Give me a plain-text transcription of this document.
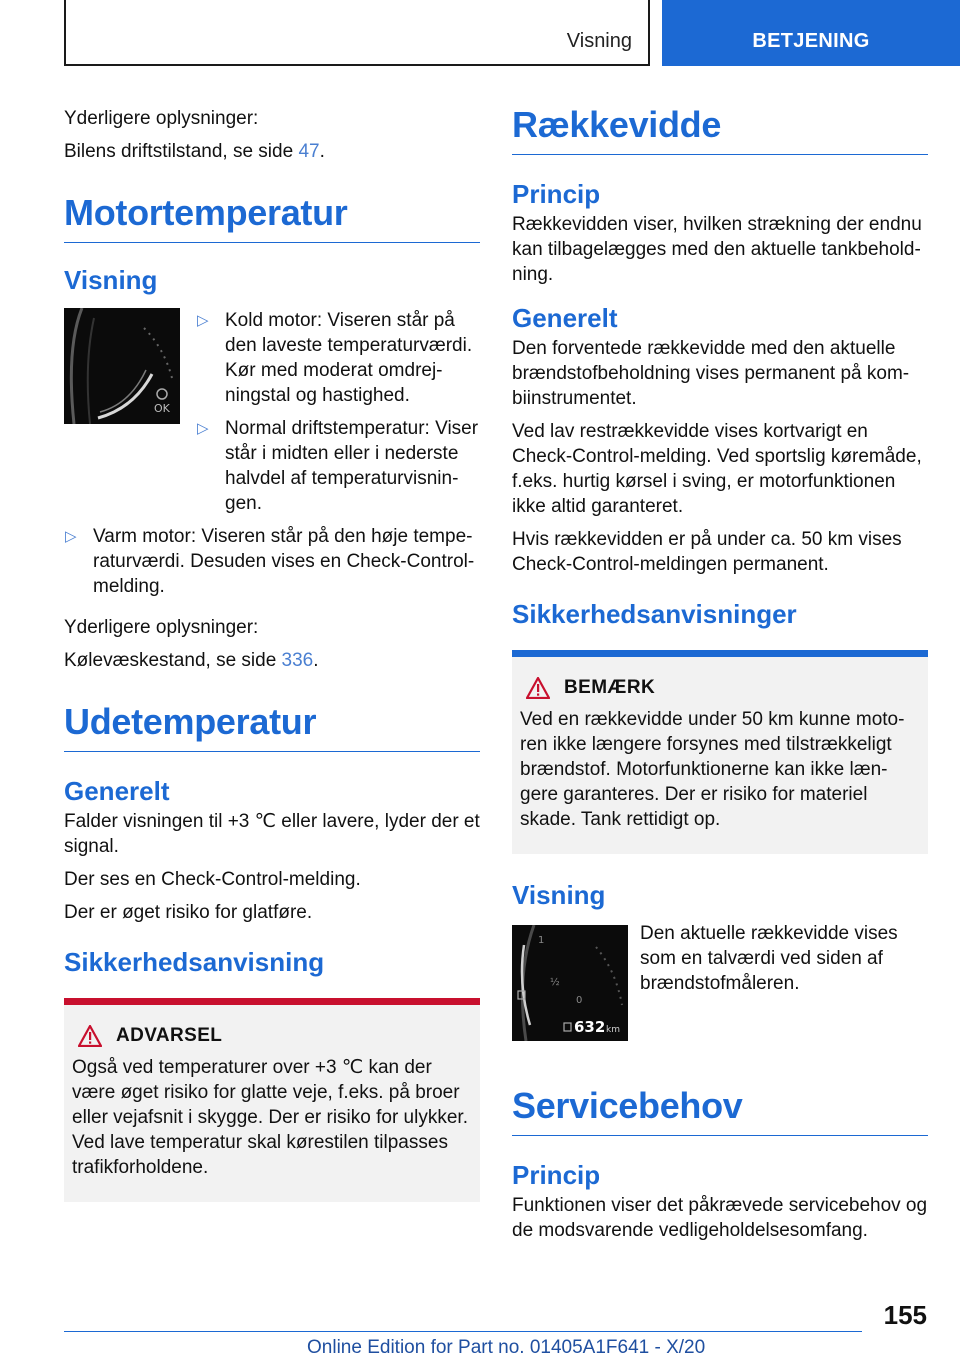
Visning	BETJENING

Yderligere oplysninger:

Bilens driftstilstand, se side 47.

Motortemperatur
Visning
OK
▷ Kold motor: Viseren står på den laveste temperaturværdi. Kør med moderat omdrej-ningstal og hastighed.
▷ Normal driftstemperatur: Viser står i midten eller i nederste halvdel af temperaturvisnin-gen.
▷ Varm motor: Viseren står på den høje tempe-raturværdi. Desuden vises en Check-Control-melding.

Yderligere oplysninger:

Kølevæskestand, se side 336.

Udetemperatur
Generelt

Falder visningen til +3 ℃ eller lavere, lyder der et signal.

Der ses en Check-Control-melding.

Der er øget risiko for glatføre.

Sikkerhedsanvisning
ADVARSEL

Også ved temperaturer over +3 ℃ kan der være øget risiko for glatte veje, f.eks. på broer eller vejafsnit i skygge. Der er risiko for ulykker. Ved lave temperatur skal kørestilen tilpasses trafikforholdene.

Rækkevidde
Princip

Rækkevidden viser, hvilken strækning der endnu kan tilbagelægges med den aktuelle tankbehold-ning.

Generelt

Den forventede rækkevidde med den aktuelle brændstofbeholdning vises permanent på kom-biinstrumentet.

Ved lav restrækkevidde vises kortvarigt en Check-Control-melding. Ved sportslig køremåde, f.eks. hurtig kørsel i sving, er motorfunktionen ikke altid garanteret.

Hvis rækkevidden er på under ca. 50 km vises Check-Control-meldingen permanent.

Sikkerhedsanvisninger
BEMÆRK

Ved en rækkevidde under 50 km kunne moto-ren ikke længere forsynes med tilstrækkeligt brændstof. Motorfunktionerne kan ikke læn-gere garanteres. Der er risiko for materiel skade. Tank rettidigt op.

Visning
1
½
0
632 km

Den aktuelle rækkevidde vises som en talværdi ved siden af brændstofmåleren.

Servicebehov
Princip

Funktionen viser det påkrævede servicebehov og de modsvarende vedligeholdelsesomfang.

155
Online Edition for Part no. 01405A1F641 - X/20
